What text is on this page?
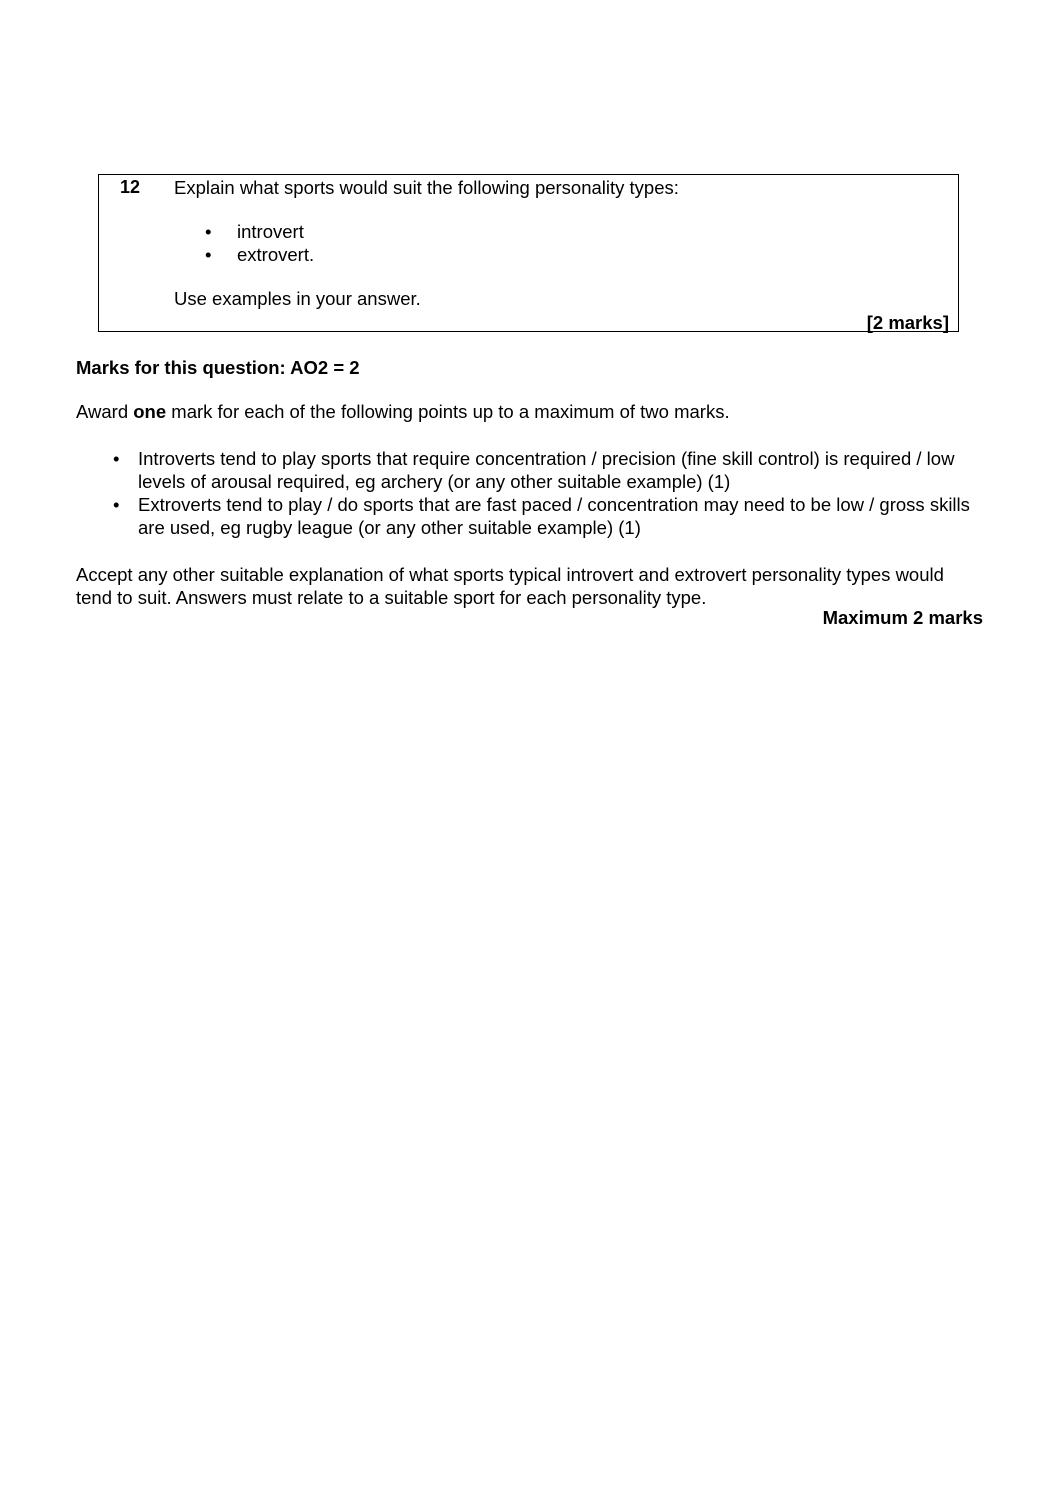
12 Explain what sports would suit the following personality types:
• introvert
• extrovert.
Use examples in your answer.
[2 marks]
Marks for this question: AO2 = 2
Award one mark for each of the following points up to a maximum of two marks.
• Introverts tend to play sports that require concentration / precision (fine skill control) is required / low levels of arousal required, eg archery (or any other suitable example) (1)
• Extroverts tend to play / do sports that are fast paced / concentration may need to be low / gross skills are used, eg rugby league (or any other suitable example) (1)
Accept any other suitable explanation of what sports typical introvert and extrovert personality types would tend to suit. Answers must relate to a suitable sport for each personality type.
Maximum 2 marks
